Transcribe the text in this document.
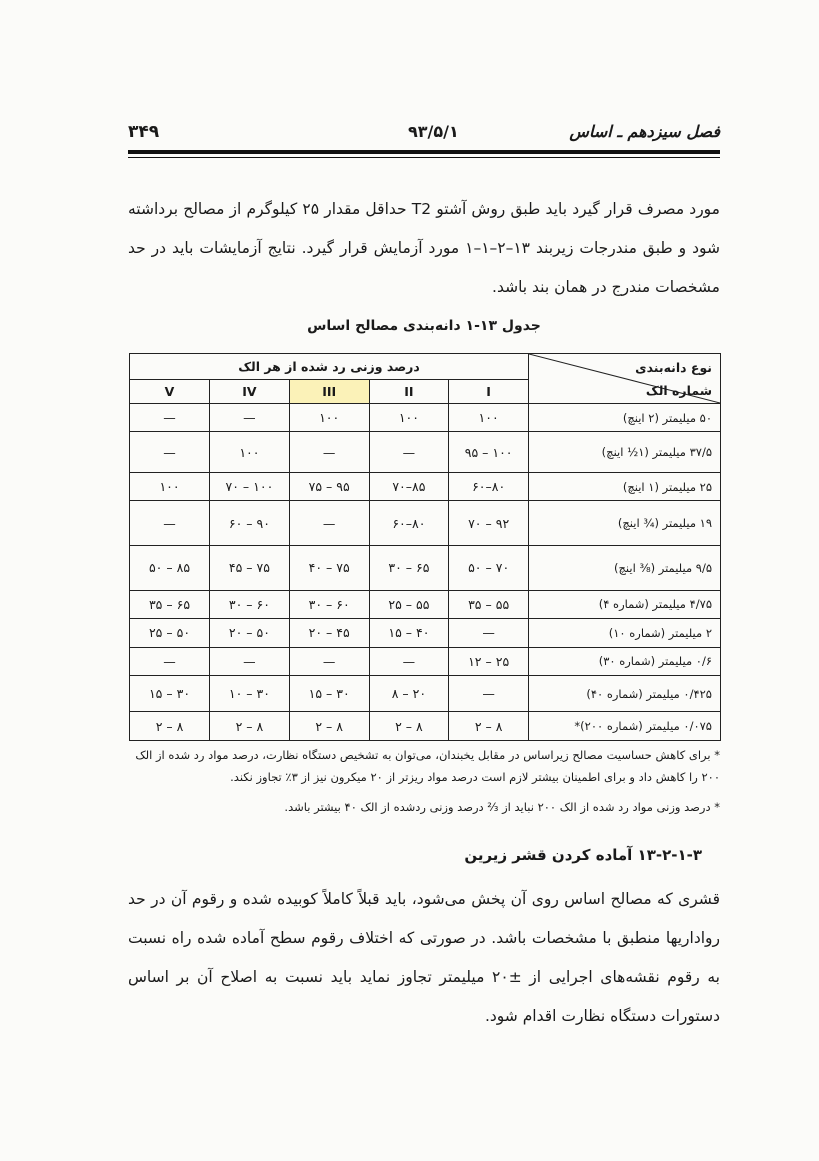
۳۴۹	۹۳/۵/۱	فصل سیزدهم ـ اساس
مورد مصرف قرار گیرد باید طبق روش آشتو T2 حداقل مقدار ۲۵ کیلوگرم از مصالح برداشته شود و طبق مندرجات زیربند ۱۳–۲–۱–۱ مورد آزمایش قرار گیرد. نتایج آزمایشات باید در حد مشخصات مندرج در همان بند باشد.
جدول ۱۳-۱ دانه‌بندی مصالح اساس
نوع دانه‌بندی
شماره الک	درصد وزنی رد شده از هر الک				
	I	II	III	IV	V
۵۰ میلیمتر (۲ اینچ)	۱۰۰	۱۰۰	۱۰۰	—	—
۳۷/۵ میلیمتر (۱½ اینچ)	۱۰۰ – ۹۵	—	—	۱۰۰	—
۲۵ میلیمتر (۱ اینچ)	۸۰–۶۰	۸۵–۷۰	۹۵ – ۷۵	۱۰۰ – ۷۰	۱۰۰
۱۹ میلیمتر (¾ اینچ)	۹۲ – ۷۰	۸۰–۶۰	—	۹۰ – ۶۰	—
۹/۵ میلیمتر (⅜ اینچ)	۷۰ – ۵۰	۶۵ – ۳۰	۷۵ – ۴۰	۷۵ – ۴۵	۸۵ – ۵۰
۴/۷۵ میلیمتر (شماره ۴)	۵۵ – ۳۵	۵۵ – ۲۵	۶۰ – ۳۰	۶۰ – ۳۰	۶۵ – ۳۵
۲ میلیمتر (شماره ۱۰)	—	۴۰ – ۱۵	۴۵ – ۲۰	۵۰ – ۲۰	۵۰ – ۲۵
۰/۶ میلیمتر (شماره ۳۰)	۲۵ – ۱۲	—	—	—	—
۰/۴۲۵ میلیمتر (شماره ۴۰)	—	۲۰ – ۸	۳۰ – ۱۵	۳۰ – ۱۰	۳۰ – ۱۵
۰/۰۷۵ میلیمتر (شماره ۲۰۰)*	۸ – ۲	۸ – ۲	۸ – ۲	۸ – ۲	۸ – ۲
* برای کاهش حساسیت مصالح زیراساس در مقابل یخبندان، می‌توان به تشخیص دستگاه نظارت، درصد مواد رد شده از الک ۲۰۰ را کاهش داد و برای اطمینان بیشتر لازم است درصد مواد ریزتر از ۲۰ میکرون نیز از ۳٪ تجاوز نکند.
* درصد وزنی مواد رد شده از الک ۲۰۰ نباید از ⅔ درصد وزنی ردشده از الک ۴۰ بیشتر باشد.
۱۳-۲-۱-۳ آماده کردن قشر زیرین
قشری که مصالح اساس روی آن پخش می‌شود، باید قبلاً کاملاً کوبیده شده و رقوم آن در حد رواداریها منطبق با مشخصات باشد. در صورتی که اختلاف رقوم سطح آماده شده راه نسبت به رقوم نقشه‌های اجرایی از ±۲۰ میلیمتر تجاوز نماید باید نسبت به اصلاح آن بر اساس دستورات دستگاه نظارت اقدام شود.
